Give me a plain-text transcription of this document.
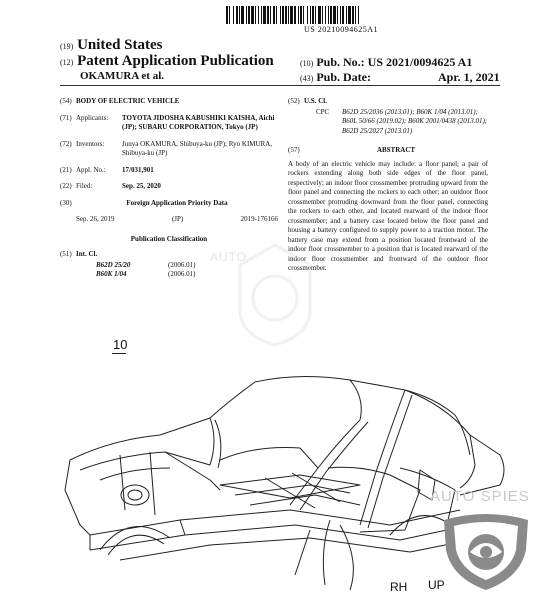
US 20210094625A1
(19) United States
(12) Patent Application Publication
OKAMURA et al.
(10) Pub. No.: US 2021/0094625 A1
(43) Pub. Date:	Apr. 1, 2021
(54) BODY OF ELECTRIC VEHICLE
(71) Applicants:	TOYOTA JIDOSHA KABUSHIKI KAISHA, Aichi (JP); SUBARU CORPORATION, Tokyo (JP)
(72) Inventors:	Junya OKAMURA, Shibuya-ku (JP); Ryo KIMURA, Shibuya-ku (JP)
(21) Appl. No.:	17/031,901
(22) Filed:	Sep. 25, 2020
(30)	Foreign Application Priority Data
Sep. 26, 2019	(JP)	2019-176166
Publication Classification
(51) Int. Cl.
B62D 25/20	(2006.01)
B60K 1/04	(2006.01)
(52) U.S. Cl.
CPC	B62D 25/2036 (2013.01); B60K 1/04 (2013.01); B60L 50/66 (2019.02); B60K 2001/0438 (2013.01); B62D 25/2027 (2013.01)
(57)	ABSTRACT
A body of an electric vehicle may include: a floor panel; a pair of rockers extending along both side edges of the floor panel, respectively; an indoor floor crossmember protruding upward from the floor panel and connecting the rockers to each other; an outdoor floor crossmember protruding downward from the floor panel, connecting the rockers to each other, and located rearward of the indoor floor crossmember; and a battery case located below the floor panel and housing a battery configured to supply power to a traction motor. The battery case may extend from a position located frontward of the indoor floor crossmember to a position that is located rearward of the indoor floor crossmember and frontward of the outdoor floor crossmember.
AUTO
10
RH UP
AUTO SPIES
